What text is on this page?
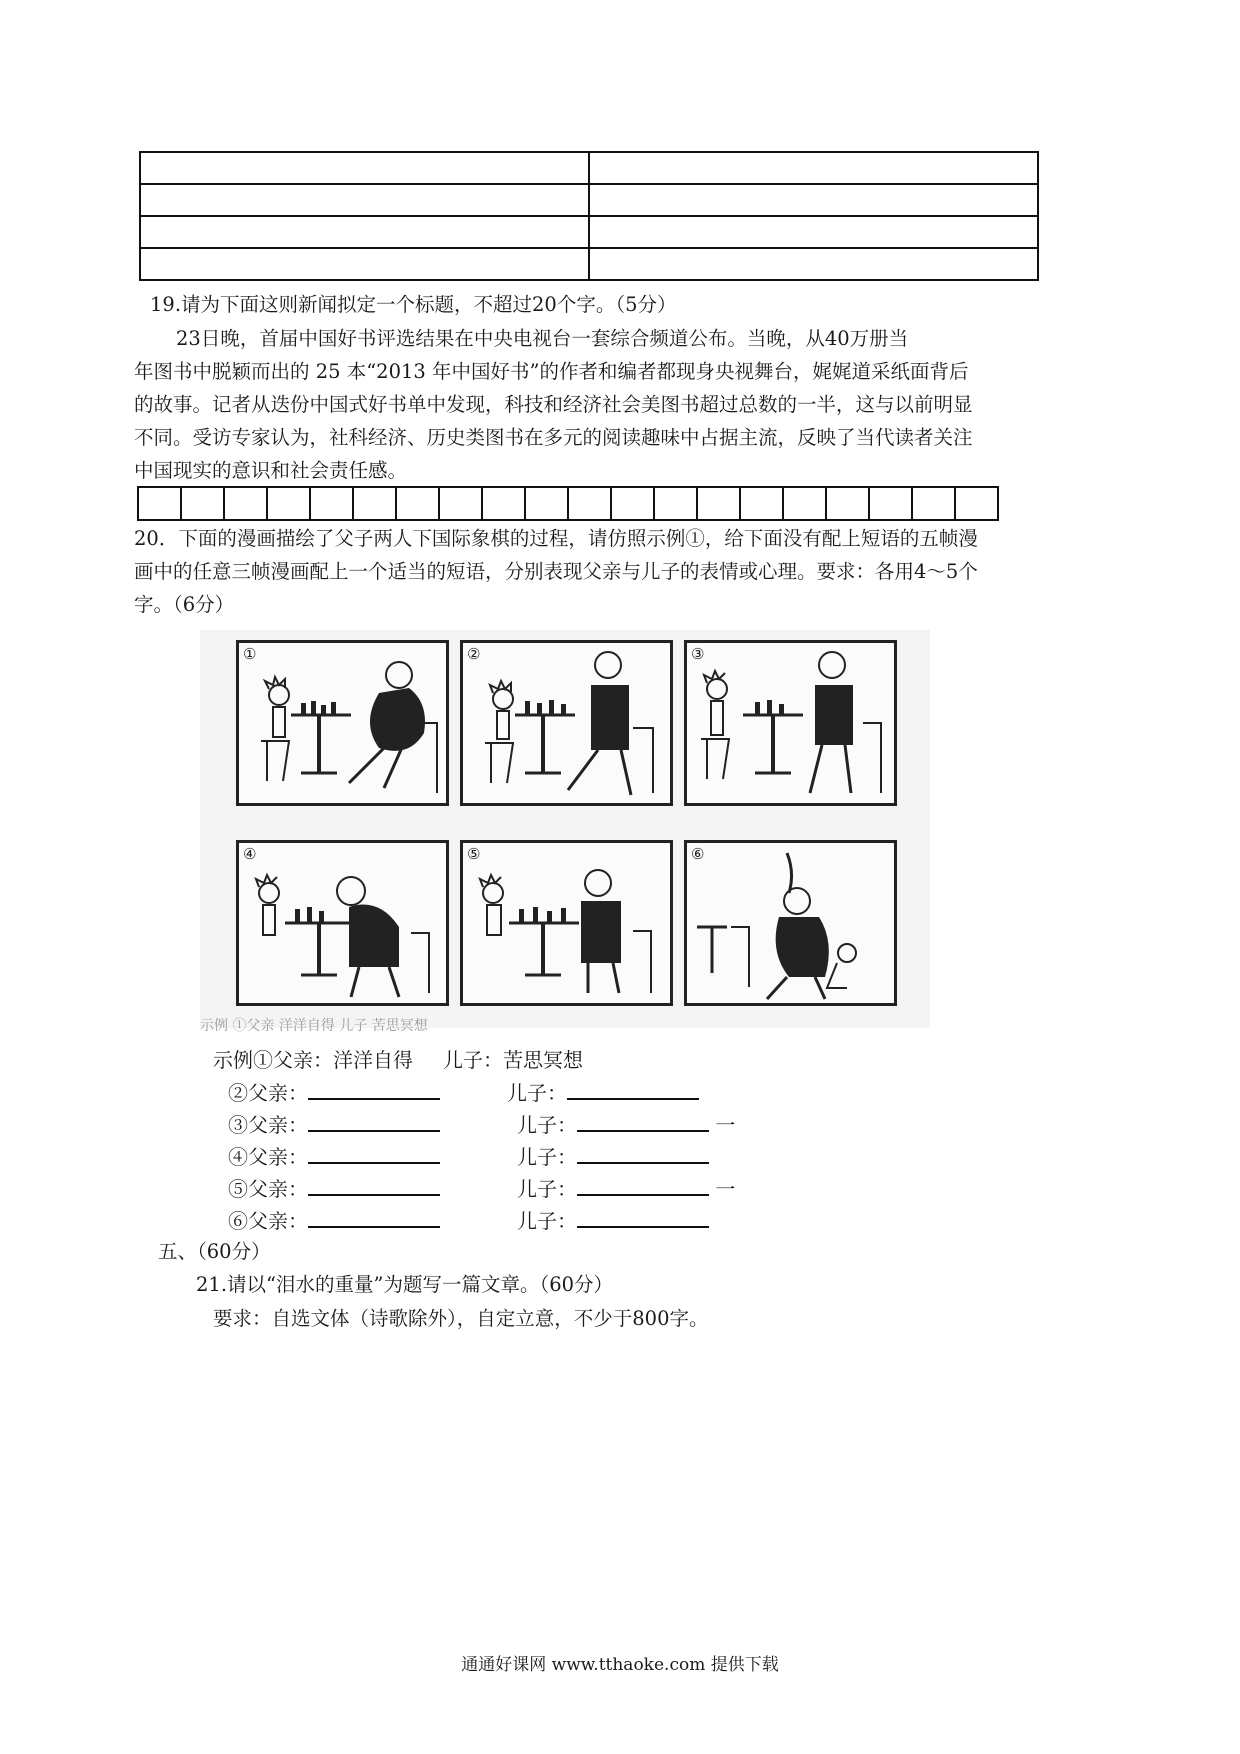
19.请为下面这则新闻拟定一个标题，不超过20个字。（5分）

23日晚，首届中国好书评选结果在中央电视台一套综合频道公布。当晚，从40万册当

年图书中脱颖而出的 25 本“2013 年中国好书”的作者和编者都现身央视舞台，娓娓道采纸面背后

的故事。记者从迭份中国式好书单中发现，科技和经济社会美图书超过总数的一半，这与以前明显

不同。受访专家认为，社科经济、历史类图书在多元的阅读趣味中占据主流，反映了当代读者关注

中国现实的意识和社会责任感。

20．下面的漫画描绘了父子两人下国际象棋的过程，请仿照示例①，给下面没有配上短语的五帧漫

画中的任意三帧漫画配上一个适当的短语，分别表现父亲与儿子的表情或心理。要求：各用4～5个

字。（6分）

①	②	③
④	⑤	⑥
示例 ①父亲 洋洋自得 儿子 苦思冥想
示例①父亲：洋洋自得 儿子：苦思冥想
②父亲：	儿子：
③父亲：	儿子：	一
④父亲：	儿子：
⑤父亲：	儿子：	一
⑥父亲：	儿子：
五、（60分）
21.请以“泪水的重量”为题写一篇文章。（60分）
要求：自选文体（诗歌除外），自定立意，不少于800字。
通通好课网 www.tthaoke.com 提供下载
